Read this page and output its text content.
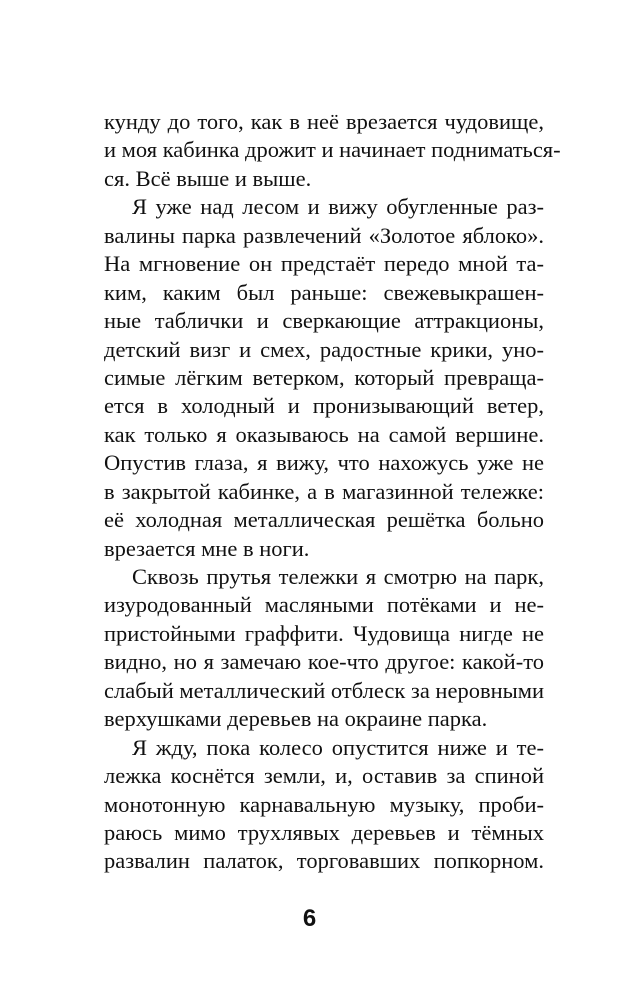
кунду до того, как в неё врезается чудовище,
и моя кабинка дрожит и начинает подниматься-
ся. Всё выше и выше.
Я уже над лесом и вижу обугленные раз-
валины парка развлечений «Золотое яблоко».
На мгновение он предстаёт передо мной та-
ким, каким был раньше: свежевыкрашен-
ные таблички и сверкающие аттракционы,
детский визг и смех, радостные крики, уно-
симые лёгким ветерком, который превраща-
ется в холодный и пронизывающий ветер,
как только я оказываюсь на самой вершине.
Опустив глаза, я вижу, что нахожусь уже не
в закрытой кабинке, а в магазинной тележке:
её холодная металлическая решётка больно
врезается мне в ноги.
Сквозь прутья тележки я смотрю на парк,
изуродованный масляными потёками и не-
пристойными граффити. Чудовища нигде не
видно, но я замечаю кое-что другое: какой-то
слабый металлический отблеск за неровными
верхушками деревьев на окраине парка.
Я жду, пока колесо опустится ниже и те-
лежка коснётся земли, и, оставив за спиной
монотонную карнавальную музыку, проби-
раюсь мимо трухлявых деревьев и тёмных
развалин палаток, торговавших попкорном.
6
